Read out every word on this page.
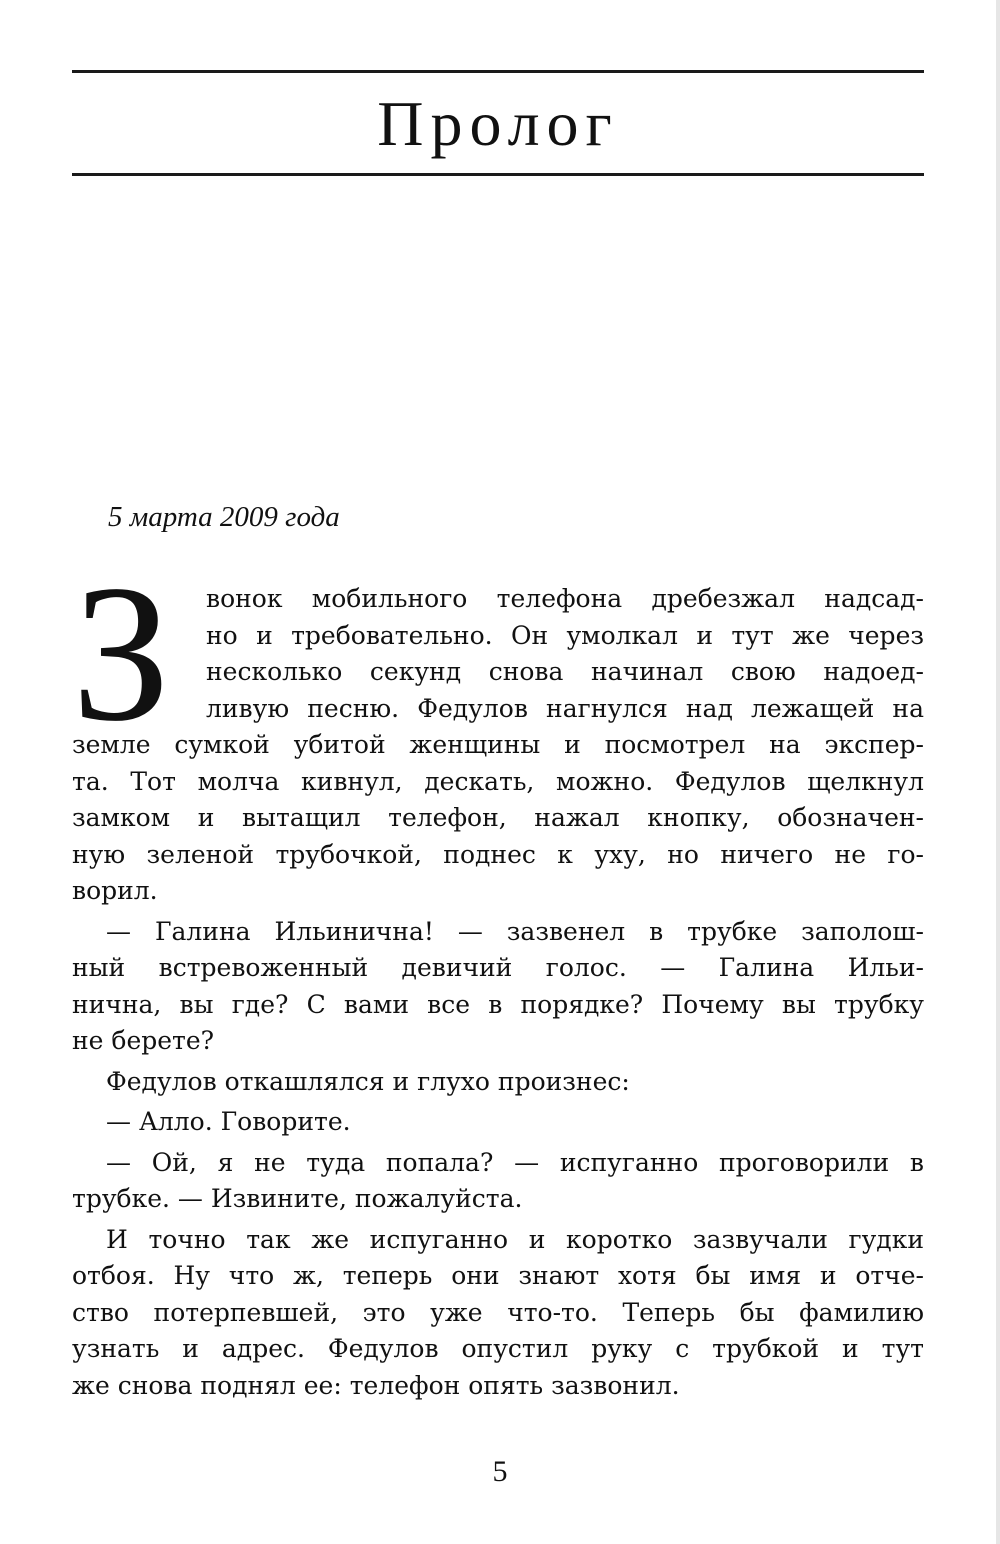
Пролог
5 марта 2009 года
З	вонок мобильного телефона дребезжал надсад-
но и требовательно. Он умолкал и тут же через
несколько секунд снова начинал свою надоед-
ливую песню. Федулов нагнулся над лежащей на
земле сумкой убитой женщины и посмотрел на экспер-
та. Тот молча кивнул, дескать, можно. Федулов щелкнул
замком и вытащил телефон, нажал кнопку, обозначен-
ную зеленой трубочкой, поднес к уху, но ничего не го-
ворил.
— Галина Ильинична! — зазвенел в трубке заполош-
ный встревоженный девичий голос. — Галина Ильи-
нична, вы где? С вами все в порядке? Почему вы трубку
не берете?
Федулов откашлялся и глухо произнес:
— Алло. Говорите.
— Ой, я не туда попала? — испуганно проговорили в
трубке. — Извините, пожалуйста.
И точно так же испуганно и коротко зазвучали гудки
отбоя. Ну что ж, теперь они знают хотя бы имя и отче-
ство потерпевшей, это уже что-то. Теперь бы фамилию
узнать и адрес. Федулов опустил руку с трубкой и тут
же снова поднял ее: телефон опять зазвонил.
5
